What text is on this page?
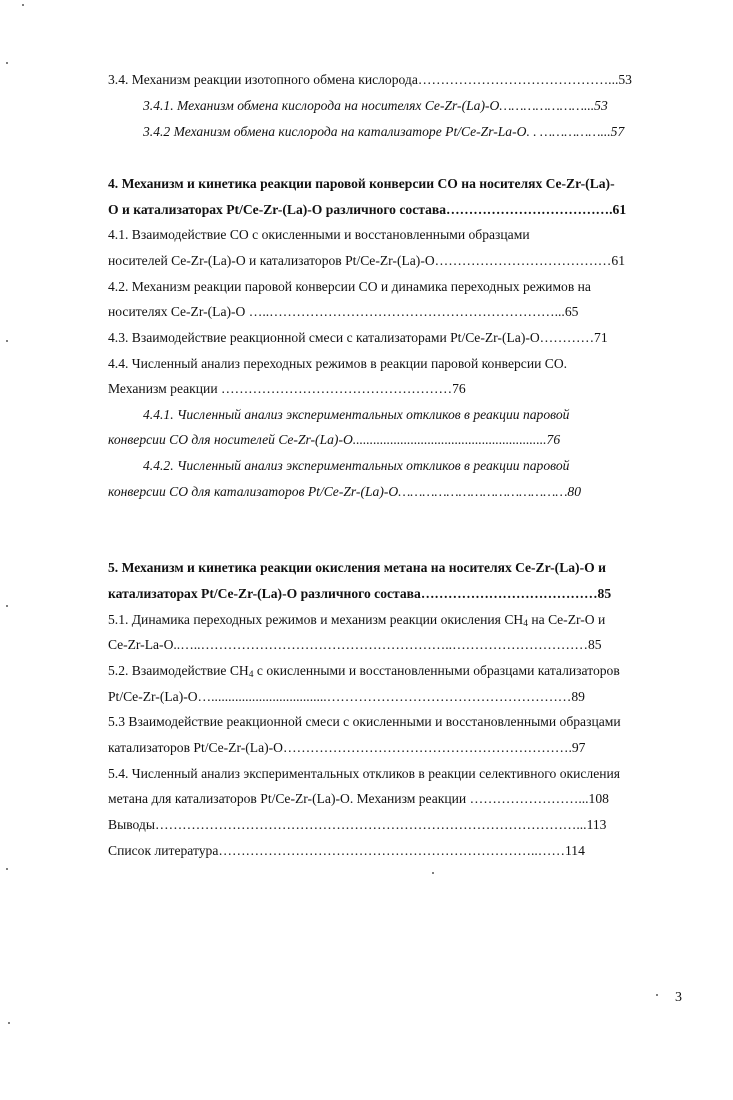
3.4. Механизм реакции изотопного обмена кислорода……………………………………...53
3.4.1. Механизм обмена кислорода на носителях Ce-Zr-(La)-O…………………...53
3.4.2 Механизм обмена кислорода на катализаторе Pt/Ce-Zr-La-O. . ……………...57
4. Механизм и кинетика реакции паровой конверсии CO на носителях Ce-Zr-(La)-
O и катализаторах Pt/Ce-Zr-(La)-O различного состава……………………………….61
4.1. Взаимодействие CO с окисленными и восстановленными образцами
носителей Ce-Zr-(La)-O и катализаторов Pt/Ce-Zr-(La)-O…………………………………61
4.2. Механизм реакции паровой конверсии CO и динамика переходных режимов на
носителях Ce-Zr-(La)-O …..………………………………………………………...65
4.3. Взаимодействие реакционной смеси с катализаторами Pt/Ce-Zr-(La)-O…………71
4.4. Численный анализ переходных режимов в реакции паровой конверсии CO.
Механизм реакции ……………………………………………76
4.4.1. Численный анализ экспериментальных откликов в реакции паровой
конверсии CO для носителей Ce-Zr-(La)-O.........................................................76
4.4.2. Численный анализ экспериментальных откликов в реакции паровой
конверсии CO для катализаторов Pt/Ce-Zr-(La)-O……………………………………80
5. Механизм и кинетика реакции окисления метана на носителях Ce-Zr-(La)-O и
катализаторах Pt/Ce-Zr-(La)-O различного состава…………………………………85
5.1. Динамика переходных режимов и механизм реакции окисления $CH_4$ на Ce-Zr-O и
Ce-Zr-La-O..…..………………………………………………..…………………………85
5.2. Взаимодействие $CH_4$ с окисленными и восстановленными образцами катализаторов
Pt/Ce-Zr-(La)-O…..................................………………………………………………89
5.3 Взаимодействие реакционной смеси с окисленными и восстановленными образцами
катализаторов Pt/Ce-Zr-(La)-O……………………………………………………….97
5.4. Численный анализ экспериментальных откликов в реакции селективного окисления
метана для катализаторов Pt/Ce-Zr-(La)-O. Механизм реакции ……………………...108
Выводы…………………………………………………………………………………...113
Список литература……………………………………………………………..……114
3
